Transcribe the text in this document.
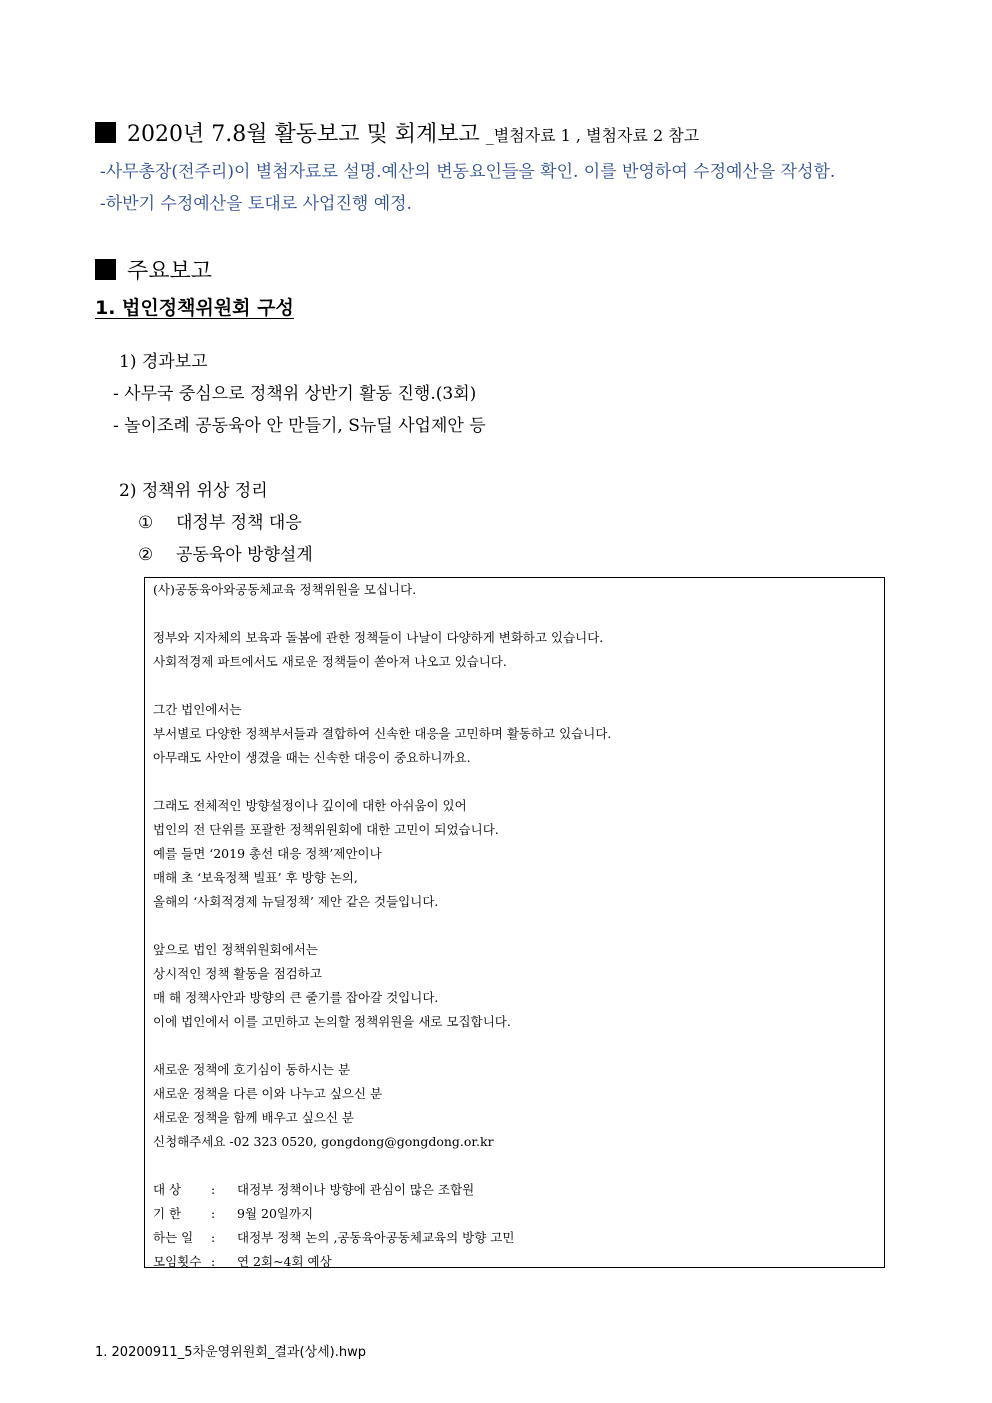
2020년 7.8월 활동보고 및 회계보고 _별첨자료 1 , 별첨자료 2 참고
-사무총장(전주리)이 별첨자료로 설명.예산의 변동요인들을 확인. 이를 반영하여 수정예산을 작성함.
-하반기 수정예산을 토대로 사업진행 예정.
주요보고
1. 법인정책위원회 구성
1) 경과보고
- 사무국 중심으로 정책위 상반기 활동 진행.(3회)
- 놀이조례 공동육아 안 만들기, S뉴딜 사업제안 등
2) 정책위 위상 정리
① 대정부 정책 대응
② 공동육아 방향설계
(사)공동육아와공동체교육 정책위원을 모십니다.
정부와 지자체의 보육과 돌봄에 관한 정책들이 나날이 다양하게 변화하고 있습니다.
사회적경제 파트에서도 새로운 정책들이 쏟아져 나오고 있습니다.
그간 법인에서는
부서별로 다양한 정책부서들과 결합하여 신속한 대응을 고민하며 활동하고 있습니다.
아무래도 사안이 생겼을 때는 신속한 대응이 중요하니까요.
그래도 전체적인 방향설정이나 깊이에 대한 아쉬움이 있어
법인의 전 단위를 포괄한 정책위원회에 대한 고민이 되었습니다.
예를 들면 ‘2019 총선 대응 정책’제안이나
매해 초 ‘보육정책 빌표’ 후 방향 논의,
올해의 ‘사회적경제 뉴딜정책’ 제안 같은 것들입니다.
앞으로 법인 정책위원회에서는
상시적인 정책 활동을 점검하고
매 해 정책사안과 방향의 큰 줄기를 잡아갈 것입니다.
이에 법인에서 이를 고민하고 논의할 정책위원을 새로 모집합니다.
새로운 정책에 호기심이 동하시는 분
새로운 정책을 다른 이와 나누고 싶으신 분
새로운 정책을 함께 배우고 싶으신 분
신청해주세요 -02 323 0520, gongdong@gongdong.or.kr
대 상 : 대정부 정책이나 방향에 관심이 많은 조합원
기 한 : 9월 20일까지
하는 일 : 대정부 정책 논의 ,공동육아공동체교육의 방향 고민
모임횟수 : 연 2회~4회 예상
1. 20200911_5차운영위원회_결과(상세).hwp
